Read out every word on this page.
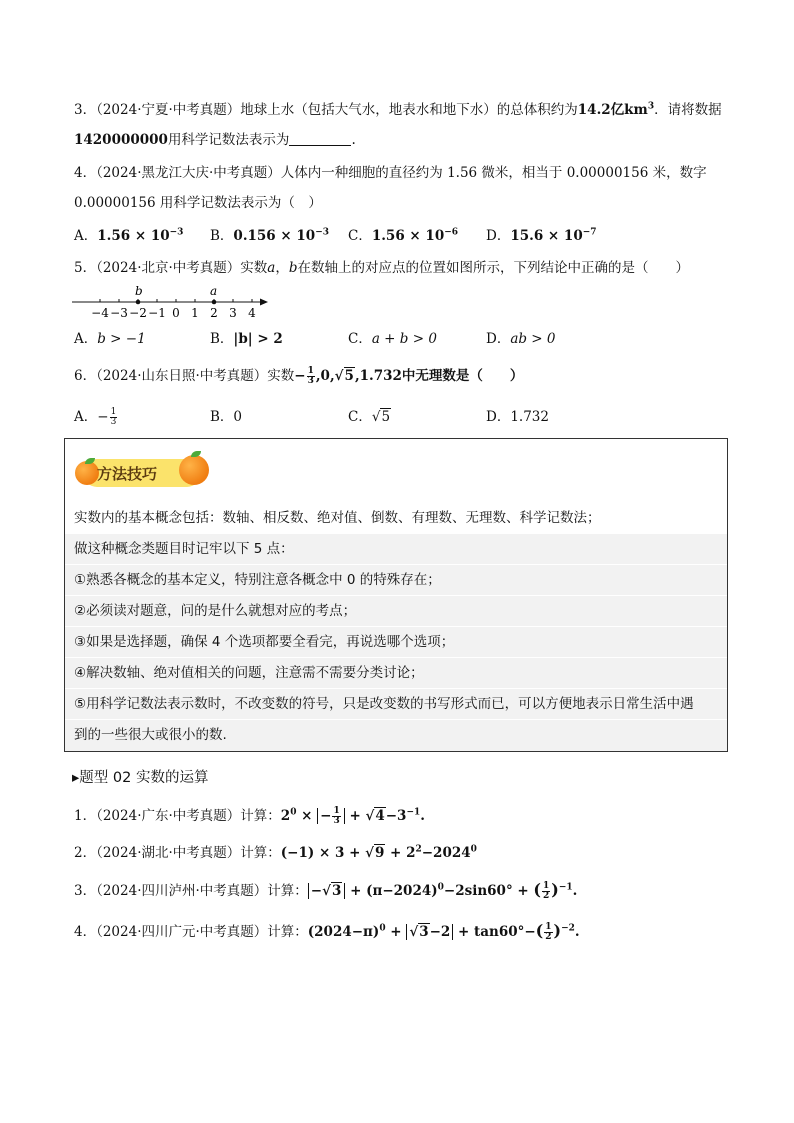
3．（2024·宁夏·中考真题）地球上水（包括大气水，地表水和地下水）的总体积约为14.2亿$km^3$．请将数据
1420000000用科学记数法表示为	.
4．（2024·黑龙江大庆·中考真题）人体内一种细胞的直径约为 1.56 微米，相当于 0.00000156 米，数字
0.00000156 用科学记数法表示为（　）
A．$1.56 \times 10^{-3}$ B．$0.156 \times 10^{-3}$ C．$1.56 \times 10^{-6}$ D．$15.6 \times 10^{-7}$
5．（2024·北京·中考真题）实数a，b在数轴上的对应点的位置如图所示，下列结论中正确的是（　　）
b	a
−4 −3 −2 −1 0 1 2 3 4
A．b > −1	B．|b| > 2	C．a + b > 0	D．ab > 0
6．（2024·山东日照·中考真题）实数− $\frac{1}{3} ,0,√5,1.732$中无理数是（　　）
A．− $\frac{1}{3}$	B．0	C．√5	D．1.732
方法技巧
实数内的基本概念包括：数轴、相反数、绝对值、倒数、有理数、无理数、科学记数法；
做这种概念类题目时记牢以下 5 点：
①熟悉各概念的基本定义，特别注意各概念中 0 的特殊存在；
②必须读对题意，问的是什么就想对应的考点；
③如果是选择题，确保 4 个选项都要全看完，再说选哪个选项；
④解决数轴、绝对值相关的问题，注意需不需要分类讨论；
⑤用科学记数法表示数时，不改变数的符号，只是改变数的书写形式而已，可以方便地表示日常生活中遇
到的一些很大或很小的数.
▸题型 02 实数的运算
1．（2024·广东·中考真题）计算：$2^0$ × − $\frac{1}{3} + √4-3^{-1}$.
2．（2024·湖北·中考真题）计算：$(-1) \times 3 + √9 + 2^2-2024^0$
3．（2024·四川泸州·中考真题）计算： $-√3 + (\pi-2024)^0-2\sin 60^\circ$ + ( $\frac{1}{2} )^{-1}$.
4．（2024·四川广元·中考真题）计算：$(2024-\pi)^0 + √3-2 + \tan 60^\circ-( \frac{1}{2} )^{-2}$.
